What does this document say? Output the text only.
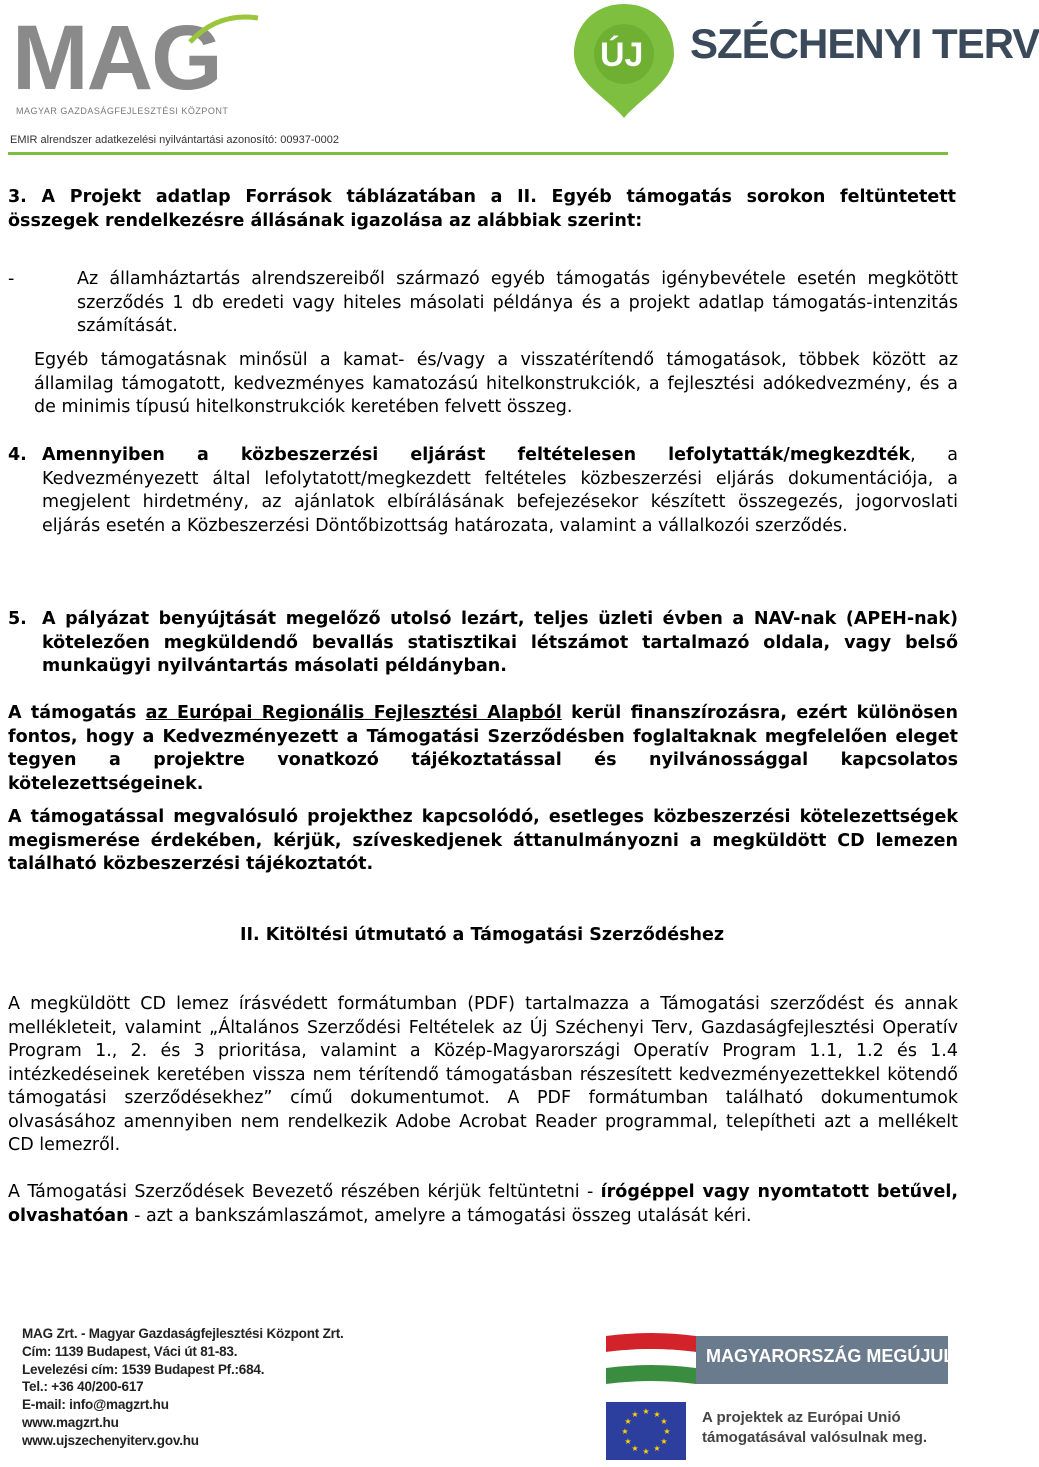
MAG
MAGYAR GAZDASÁGFEJLESZTÉSI KÖZPONT
EMIR alrendszer adatkezelési nyilvántartási azonosító: 00937-0002
ÚJ SZÉCHENYI TERV

3. A Projekt adatlap Források táblázatában a II. Egyéb támogatás sorokon feltüntetett összegek rendelkezésre állásának igazolása az alábbiak szerint:

-	Az államháztartás alrendszereiből származó egyéb támogatás igénybevétele esetén megkötött szerződés 1 db eredeti vagy hiteles másolati példánya és a projekt adatlap támogatás-intenzitás számítását.

Egyéb támogatásnak minősül a kamat- és/vagy a visszatérítendő támogatások, többek között az államilag támogatott, kedvezményes kamatozású hitelkonstrukciók, a fejlesztési adókedvezmény, és a de minimis típusú hitelkonstrukciók keretében felvett összeg.

4. Amennyiben a közbeszerzési eljárást feltételesen lefolytatták/megkezdték, a Kedvezményezett által lefolytatott/megkezdett feltételes közbeszerzési eljárás dokumentációja, a megjelent hirdetmény, az ajánlatok elbírálásának befejezésekor készített összegezés, jogorvoslati eljárás esetén a Közbeszerzési Döntőbizottság határozata, valamint a vállalkozói szerződés.

5. A pályázat benyújtását megelőző utolsó lezárt, teljes üzleti évben a NAV-nak (APEH-nak) kötelezően megküldendő bevallás statisztikai létszámot tartalmazó oldala, vagy belső munkaügyi nyilvántartás másolati példányban.

A támogatás az Európai Regionális Fejlesztési Alapból kerül finanszírozásra, ezért különösen fontos, hogy a Kedvezményezett a Támogatási Szerződésben foglaltaknak megfelelően eleget tegyen a projektre vonatkozó tájékoztatással és nyilvánossággal kapcsolatos kötelezettségeinek.

A támogatással megvalósuló projekthez kapcsolódó, esetleges közbeszerzési kötelezettségek megismerése érdekében, kérjük, szíveskedjenek áttanulmányozni a megküldött CD lemezen található közbeszerzési tájékoztatót.

II. Kitöltési útmutató a Támogatási Szerződéshez

A megküldött CD lemez írásvédett formátumban (PDF) tartalmazza a Támogatási szerződést és annak mellékleteit, valamint „Általános Szerződési Feltételek az Új Széchenyi Terv, Gazdaságfejlesztési Operatív Program 1., 2. és 3 prioritása, valamint a Közép-Magyarországi Operatív Program 1.1, 1.2 és 1.4 intézkedéseinek keretében vissza nem térítendő támogatásban részesített kedvezményezettekkel kötendő támogatási szerződésekhez” című dokumentumot. A PDF formátumban található dokumentumok olvasásához amennyiben nem rendelkezik Adobe Acrobat Reader programmal, telepítheti azt a mellékelt CD lemezről.

A Támogatási Szerződések Bevezető részében kérjük feltüntetni - írógéppel vagy nyomtatott betűvel, olvashatóan - azt a bankszámlaszámot, amelyre a támogatási összeg utalását kéri.

MAG Zrt. - Magyar Gazdaságfejlesztési Központ Zrt.
Cím: 1139 Budapest, Váci út 81-83.
Levelezési cím: 1539 Budapest Pf.:684.
Tel.: +36 40/200-617
E-mail: info@magzrt.hu
www.magzrt.hu
www.ujszechenyiterv.gov.hu
MAGYARORSZÁG MEGÚJUL
★ ★
★
★
★
★
★
★
★
★
★
★	A projektek az Európai Unió
támogatásával valósulnak meg.
